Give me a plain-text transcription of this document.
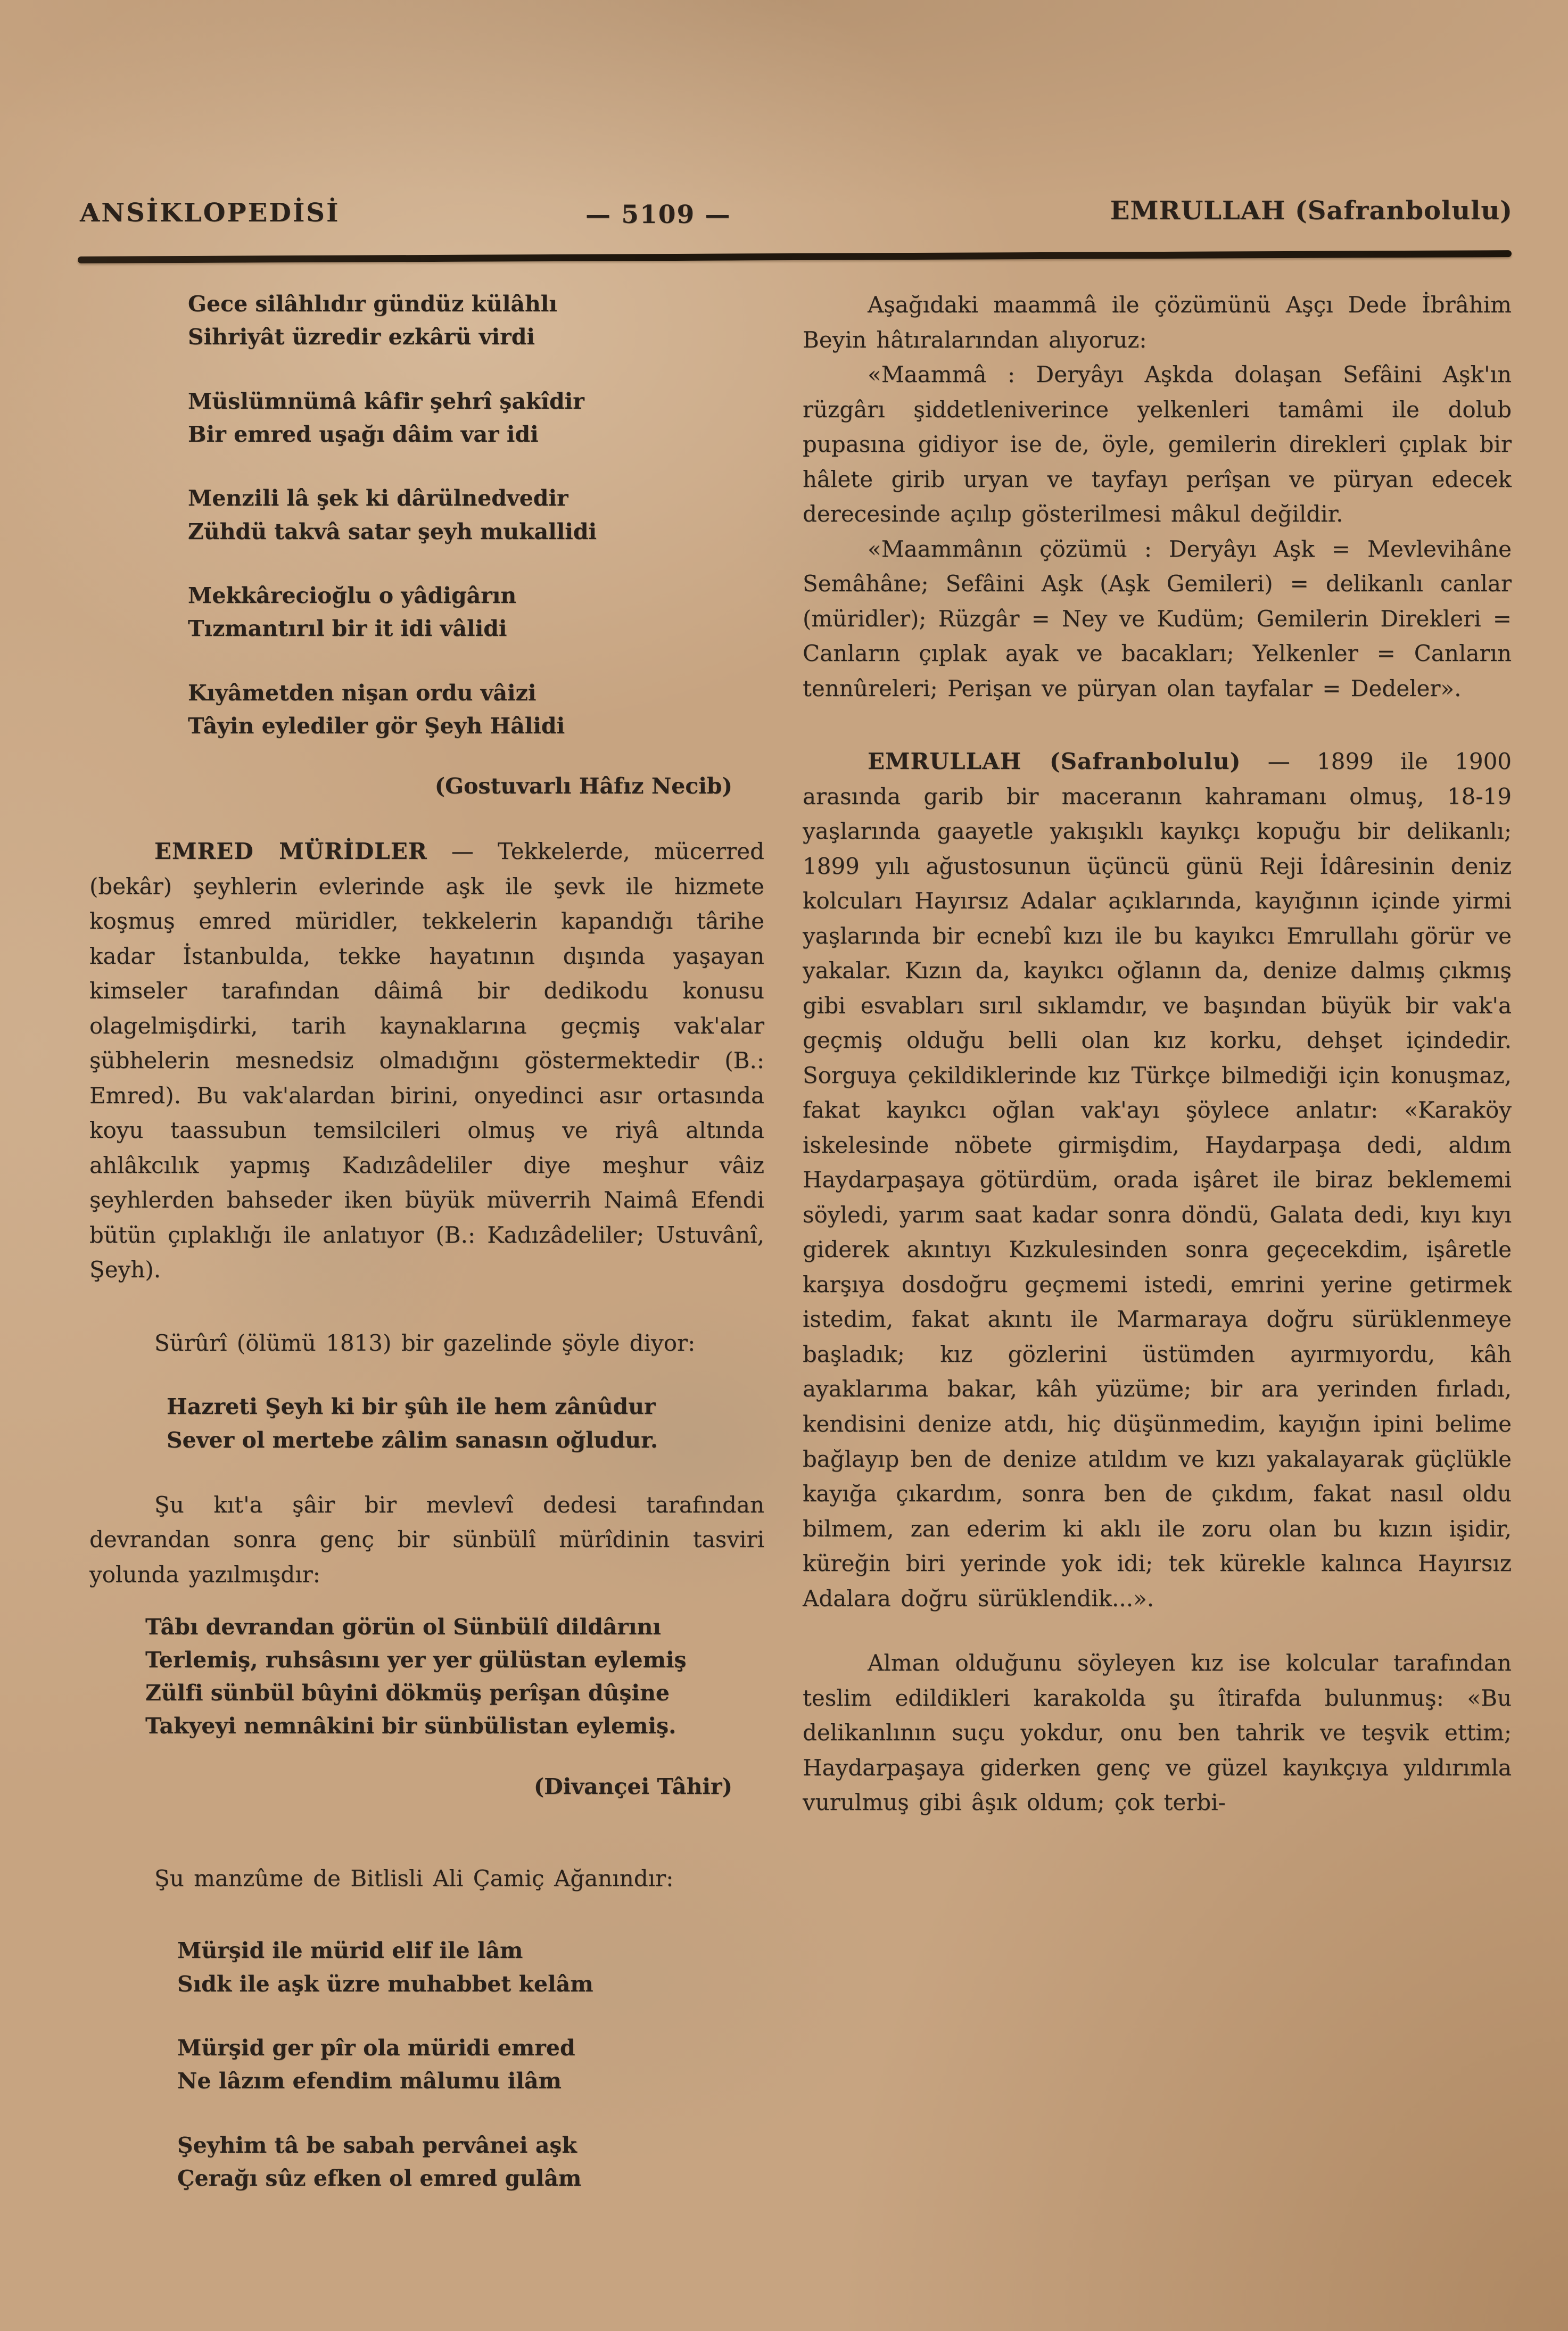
ANSİKLOPEDİSİ	— 5109 —	EMRULLAH (Safranbolulu)
Gece silâhlıdır gündüz külâhlı
Sihriyât üzredir ezkârü virdi
Müslümnümâ kâfir şehrî şakîdir
Bir emred uşağı dâim var idi
Menzili lâ şek ki dârülnedvedir
Zühdü takvâ satar şeyh mukallidi
Mekkârecioğlu o yâdigârın
Tızmantırıl bir it idi vâlidi
Kıyâmetden nişan ordu vâizi
Tâyin eylediler gör Şeyh Hâlidi
(Gostuvarlı Hâfız Necib)

EMRED MÜRİDLER — Tekkelerde, mücerred (bekâr) şeyhlerin evlerinde aşk ile şevk ile hizmete koşmuş emred müridler, tekkelerin kapandığı târihe kadar İstanbulda, tekke hayatının dışında yaşayan kimseler tarafından dâimâ bir dedikodu konusu olagelmişdirki, tarih kaynaklarına geçmiş vak'alar şübhelerin mesnedsiz olmadığını göstermektedir (B.: Emred). Bu vak'alardan birini, onyedinci asır ortasında koyu taassubun temsilcileri olmuş ve riyâ altında ahlâkcılık yapmış Kadızâdeliler diye meşhur vâiz şeyhlerden bahseder iken büyük müverrih Naimâ Efendi bütün çıplaklığı ile anlatıyor (B.: Kadızâdeliler; Ustuvânî, Şeyh).

Sürûrî (ölümü 1813) bir gazelinde şöyle diyor:

Hazreti Şeyh ki bir şûh ile hem zânûdur
Sever ol mertebe zâlim sanasın oğludur.

Şu kıt'a şâir bir mevlevî dedesi tarafından devrandan sonra genç bir sünbülî mürîdinin tasviri yolunda yazılmışdır:

Tâbı devrandan görün ol Sünbülî dildârını
Terlemiş, ruhsâsını yer yer gülüstan eylemiş
Zülfi sünbül bûyini dökmüş perîşan dûşine
Takyeyi nemnâkini bir sünbülistan eylemiş.
(Divançei Tâhir)

Şu manzûme de Bitlisli Ali Çamiç Ağanındır:

Mürşid ile mürid elif ile lâm
Sıdk ile aşk üzre muhabbet kelâm
Mürşid ger pîr ola müridi emred
Ne lâzım efendim mâlumu ilâm
Şeyhim tâ be sabah pervânei aşk
Çerağı sûz efken ol emred gulâm

Aşağıdaki maammâ ile çözümünü Aşçı Dede İbrâhim Beyin hâtıralarından alıyoruz:

«Maammâ : Deryâyı Aşkda dolaşan Sefâini Aşk'ın rüzgârı şiddetleniverince yelkenleri tamâmi ile dolub pupasına gidiyor ise de, öyle, gemilerin direkleri çıplak bir hâlete girib uryan ve tayfayı perîşan ve püryan edecek derecesinde açılıp gösterilmesi mâkul değildir.

«Maammânın çözümü : Deryâyı Aşk = Mevlevihâne Semâhâne; Sefâini Aşk (Aşk Gemileri) = delikanlı canlar (müridler); Rüzgâr = Ney ve Kudüm; Gemilerin Direkleri = Canların çıplak ayak ve bacakları; Yelkenler = Canların tennûreleri; Perişan ve püryan olan tayfalar = Dedeler».

EMRULLAH (Safranbolulu) — 1899 ile 1900 arasında garib bir maceranın kahramanı olmuş, 18-19 yaşlarında gaayetle yakışıklı kayıkçı kopuğu bir delikanlı; 1899 yılı ağustosunun üçüncü günü Reji İdâresinin deniz kolcuları Hayırsız Adalar açıklarında, kayığının içinde yirmi yaşlarında bir ecnebî kızı ile bu kayıkcı Emrullahı görür ve yakalar. Kızın da, kayıkcı oğlanın da, denize dalmış çıkmış gibi esvabları sırıl sıklamdır, ve başından büyük bir vak'a geçmiş olduğu belli olan kız korku, dehşet içindedir. Sorguya çekildiklerinde kız Türkçe bilmediği için konuşmaz, fakat kayıkcı oğlan vak'ayı şöylece anlatır: «Karaköy iskelesinde nöbete girmişdim, Haydarpaşa dedi, aldım Haydarpaşaya götürdüm, orada işâret ile biraz beklememi söyledi, yarım saat kadar sonra döndü, Galata dedi, kıyı kıyı giderek akıntıyı Kızkulesinden sonra geçecekdim, işâretle karşıya dosdoğru geçmemi istedi, emrini yerine getirmek istedim, fakat akıntı ile Marmaraya doğru sürüklenmeye başladık; kız gözlerini üstümden ayırmıyordu, kâh ayaklarıma bakar, kâh yüzüme; bir ara yerinden fırladı, kendisini denize atdı, hiç düşünmedim, kayığın ipini belime bağlayıp ben de denize atıldım ve kızı yakalayarak güçlükle kayığa çıkardım, sonra ben de çıkdım, fakat nasıl oldu bilmem, zan ederim ki aklı ile zoru olan bu kızın işidir, küreğin biri yerinde yok idi; tek kürekle kalınca Hayırsız Adalara doğru sürüklendik...».

Alman olduğunu söyleyen kız ise kolcular tarafından teslim edildikleri karakolda şu îtirafda bulunmuş: «Bu delikanlının suçu yokdur, onu ben tahrik ve teşvik ettim; Haydarpaşaya giderken genç ve güzel kayıkçıya yıldırımla vurulmuş gibi âşık oldum; çok terbi-
